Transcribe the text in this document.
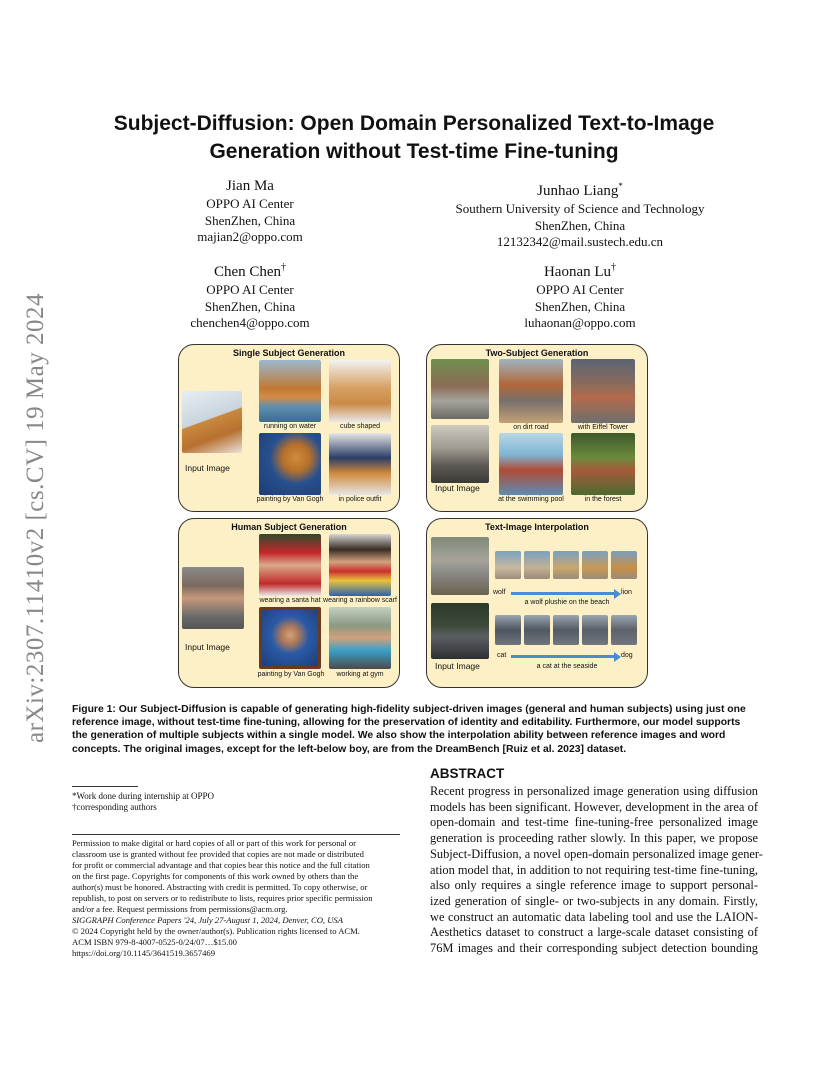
arXiv:2307.11410v2 [cs.CV] 19 May 2024
Subject-Diffusion: Open Domain Personalized Text-to-Image
Generation without Test-time Fine-tuning
Jian Ma
OPPO AI Center
ShenZhen, China
majian2@oppo.com
Junhao Liang*
Southern University of Science and Technology
ShenZhen, China
12132342@mail.sustech.edu.cn
Chen Chen†
OPPO AI Center
ShenZhen, China
chenchen4@oppo.com
Haonan Lu†
OPPO AI Center
ShenZhen, China
luhaonan@oppo.com
Single Subject Generation
Input Image
running on water	cube shaped
painting by Van Gogh	in police outfit
Two-Subject Generation
Input Image
on dirt road	with Eiffel Tower
at the swimming pool	in the forest
Human Subject Generation
Input Image
wearing a santa hat wearing a rainbow scarf
painting by Van Gogh	working at gym
Text-Image Interpolation
Input Image
wolf	lion
a wolf plushie on the beach
cat	dog
a cat at the seaside
Figure 1: Our Subject-Diffusion is capable of generating high-fidelity subject-driven images (general and human subjects) using just one reference image, without test-time fine-tuning, allowing for the preservation of identity and editability. Furthermore, our model supports the generation of multiple subjects within a single model. We also show the interpolation ability between reference images and word concepts. The original images, except for the left-below boy, are from the DreamBench [Ruiz et al. 2023] dataset.
*Work done during internship at OPPO
†corresponding authors
Permission to make digital or hard copies of all or part of this work for personal or
classroom use is granted without fee provided that copies are not made or distributed
for profit or commercial advantage and that copies bear this notice and the full citation
on the first page. Copyrights for components of this work owned by others than the
author(s) must be honored. Abstracting with credit is permitted. To copy otherwise, or
republish, to post on servers or to redistribute to lists, requires prior specific permission
and/or a fee. Request permissions from permissions@acm.org.
SIGGRAPH Conference Papers '24, July 27-August 1, 2024, Denver, CO, USA
© 2024 Copyright held by the owner/author(s). Publication rights licensed to ACM.
ACM ISBN 979-8-4007-0525-0/24/07…$15.00
https://doi.org/10.1145/3641519.3657469
ABSTRACT
Recent progress in personalized image generation using diffusion
models has been significant. However, development in the area of
open-domain and test-time fine-tuning-free personalized image
generation is proceeding rather slowly. In this paper, we propose
Subject-Diffusion, a novel open-domain personalized image gener-
ation model that, in addition to not requiring test-time fine-tuning,
also only requires a single reference image to support personal-
ized generation of single- or two-subjects in any domain. Firstly,
we construct an automatic data labeling tool and use the LAION-
Aesthetics dataset to construct a large-scale dataset consisting of
76M images and their corresponding subject detection bounding
